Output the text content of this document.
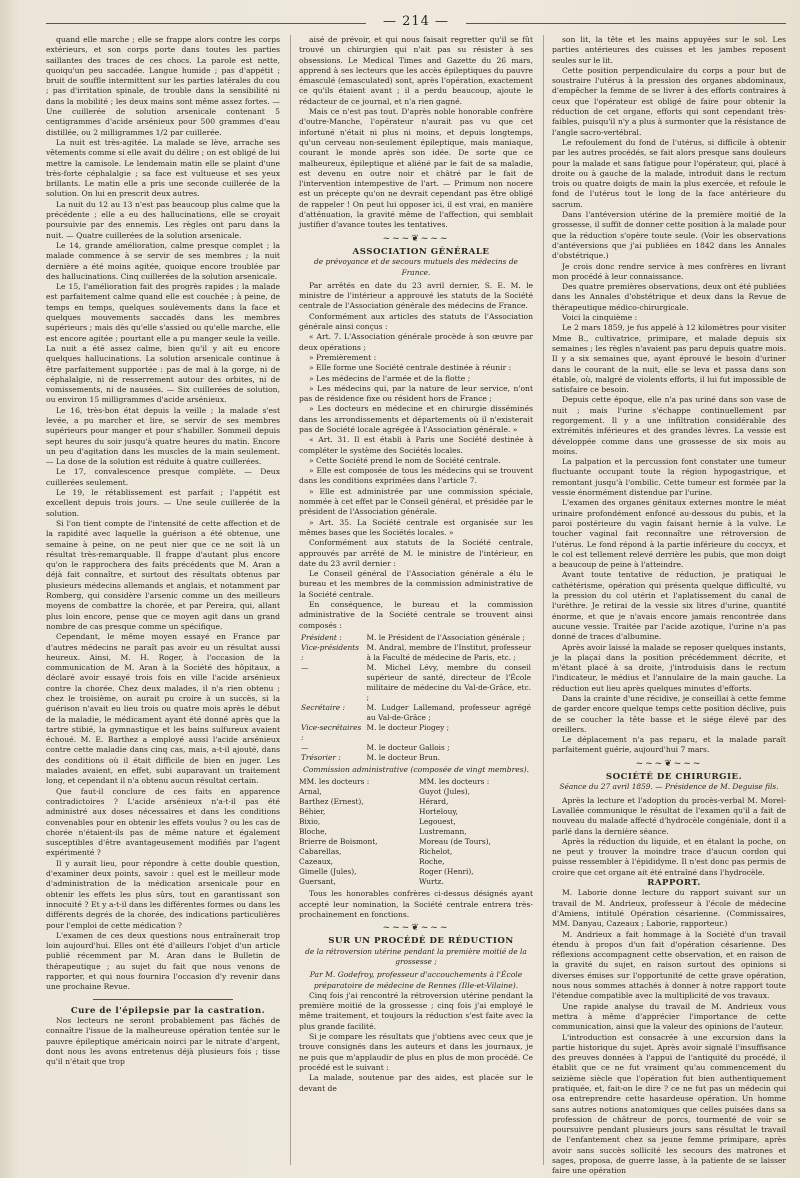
— 214 —

quand elle marche ; elle se frappe alors contre les corps extérieurs, et son corps porte dans toutes les parties saillantes des traces de ces chocs. La parole est nette, quoiqu'un peu saccadée. Langue humide ; pas d'appétit ; bruit de souffle intermittent sur les parties latérales du cou ; pas d'irritation spinale, de trouble dans la sensibilité ni dans la mobilité ; les deux mains sont même assez fortes. — Une cuillerée de solution arsenicale contenant 5 centigrammes d'acide arsénieux pour 500 grammes d'eau distillée, ou 2 milligrammes 1/2 par cuillerée.

La nuit est très-agitée. La malade se lève, arrache ses vêtements comme si elle avait du délire ; on est obligé de lui mettre la camisole. Le lendemain matin elle se plaint d'une très-forte céphalalgie ; sa face est vultueuse et ses yeux brillants. Le matin elle a pris une seconde cuillerée de la solution. On lui en prescrit deux autres.

La nuit du 12 au 13 n'est pas beaucoup plus calme que la précédente ; elle a eu des hallucinations, elle se croyait poursuivie par des ennemis. Les règles ont paru dans la nuit. — Quatre cuillerées de la solution arsenicale.

Le 14, grande amélioration, calme presque complet ; la malade commence à se servir de ses membres ; la nuit dernière a été moins agitée, quoique encore troublée par des hallucinations. Cinq cuillerées de la solution arsenicale.

Le 15, l'amélioration fait des progrès rapides ; la malade est parfaitement calme quand elle est couchée ; à peine, de temps en temps, quelques soulèvements dans la face et quelques mouvements saccadés dans les membres supérieurs ; mais dès qu'elle s'assied ou qu'elle marche, elle est encore agitée ; pourtant elle a pu manger seule la veille. La nuit a été assez calme, bien qu'il y ait eu encore quelques hallucinations. La solution arsenicale continue à être parfaitement supportée : pas de mal à la gorge, ni de céphalalgie, ni de resserrement autour des orbites, ni de vomissements, ni de nausées. — Six cuillerées de solution, ou environ 15 milligrammes d'acide arsénieux.

Le 16, très-bon état depuis la veille ; la malade s'est levée, a pu marcher et lire, se servir de ses membres supérieurs pour manger et pour s'habiller. Sommeil depuis sept heures du soir jusqu'à quatre heures du matin. Encore un peu d'agitation dans les muscles de la main seulement. — La dose de la solution est réduite à quatre cuillerées.

Le 17, convalescence presque complète. — Deux cuillerées seulement.

Le 19, le rétablissement est parfait ; l'appétit est excellent depuis trois jours. — Une seule cuillerée de la solution.

Si l'on tient compte de l'intensité de cette affection et de la rapidité avec laquelle la guérison a été obtenue, une semaine à peine, on ne peut nier que ce ne soit là un résultat très-remarquable. Il frappe d'autant plus encore qu'on le rapprochera des faits précédents que M. Aran a déjà fait connaître, et surtout des résultats obtenus par plusieurs médecins allemands et anglais, et notamment par Romberg, qui considère l'arsenic comme un des meilleurs moyens de combattre la chorée, et par Pereira, qui, allant plus loin encore, pense que ce moyen agit dans un grand nombre de cas presque comme un spécifique.

Cependant, le même moyen essayé en France par d'autres médecins ne paraît pas avoir eu un résultat aussi heureux. Ainsi, M. H. Roger, à l'occasion de la communication de M. Aran à la Société des hôpitaux, a déclaré avoir essayé trois fois en ville l'acide arsénieux contre la chorée. Chez deux malades, il n'a rien obtenu ; chez le troisième, on aurait pu croire à un succès, si la guérison n'avait eu lieu trois ou quatre mois après le début de la maladie, le médicament ayant été donné après que la tartre stibié, la gymnastique et les bains sulfureux avaient échoué. M. E. Barthez a employé aussi l'acide arsénieux contre cette maladie dans cinq cas, mais, a-t-il ajouté, dans des conditions où il était difficile de bien en juger. Les malades avaient, en effet, subi auparavant un traitement long, et cependant il n'a obtenu aucun résultat certain.

Que faut-il conclure de ces faits en apparence contradictoires ? L'acide arsénieux n'a-t-il pas été administré aux doses nécessaires et dans les conditions convenables pour en obtenir les effets voulus ? ou les cas de chorée n'étaient-ils pas de même nature et également susceptibles d'être avantageusement modifiés par l'agent expérimenté ?

Il y aurait lieu, pour répondre à cette double question, d'examiner deux points, savoir : quel est le meilleur mode d'administration de la médication arsenicale pour en obtenir les effets les plus sûrs, tout en garantissant son innocuité ? Et y a-t-il dans les différentes formes ou dans les différents degrés de la chorée, des indications particulières pour l'emploi de cette médication ?

L'examen de ces deux questions nous entraînerait trop loin aujourd'hui. Elles ont été d'ailleurs l'objet d'un article publié récemment par M. Aran dans le Bulletin de thérapeutique ; au sujet du fait que nous venons de rapporter, et qui nous fournira l'occasion d'y revenir dans une prochaine Revue.

Cure de l'épilepsie par la castration.

Nos lecteurs ne seront probablement pas fâchés de connaître l'issue de la malheureuse opération tentée sur le pauvre épileptique américain noirci par le nitrate d'argent, dont nous les avons entretenus déjà plusieurs fois ; tisse qu'il n'était que trop

aisé de prévoir, et qui nous faisait regretter qu'il se fût trouvé un chirurgien qui n'ait pas su résister à ses obsessions. Le Medical Times and Gazette du 26 mars, apprend à ses lecteurs que les accès épileptiques du pauvre émasculé (emasculated) sont, après l'opération, exactement ce qu'ils étaient avant ; il a perdu beaucoup, ajoute le rédacteur de ce journal, et n'a rien gagné.

Mais ce n'est pas tout. D'après noble honorable confrère d'outre-Manche, l'opérateur n'aurait pas vu que cet infortuné n'était ni plus ni moins, et depuis longtemps, qu'un cerveau non-seulement épileptique, mais maniaque, courant le monde après son idée. De sorte que ce malheureux, épileptique et aliéné par le fait de sa maladie, est devenu en outre noir et châtré par le fait de l'intervention intempestive de l'art. — Primum non nocere est un précepte qu'on ne devrait cependant pas être obligé de rappeler ! On peut lui opposer ici, il est vrai, en manière d'atténuation, la gravité même de l'affection, qui semblait justifier d'avance toutes les tentatives.

~~~❦~~~

ASSOCIATION GÉNÉRALE

de prévoyance et de secours mutuels des médecins de France.

Par arrêtés en date du 23 avril dernier, S. E. M. le ministre de l'intérieur a approuvé les statuts de la Société centrale de l'Association générale des médecins de France.

Conformément aux articles des statuts de l'Association générale ainsi conçus :

« Art. 7. L'Association générale procède à son œuvre par deux opérations ;

» Premièrement :

» Elle forme une Société centrale destinée à réunir :

» Les médecins de l'armée et de la flotte ;

» Les médecins qui, par la nature de leur service, n'ont pas de résidence fixe ou résident hors de France ;

» Les docteurs en médecine et en chirurgie disséminés dans les arrondissements et départements où il n'existerait pas de Société locale agrégée à l'Association générale. »

« Art. 31. Il est établi à Paris une Société destinée à compléter le système des Sociétés locales.

» Cette Société prend le nom de Société centrale.

» Elle est composée de tous les médecins qui se trouvent dans les conditions exprimées dans l'article 7.

» Elle est administrée par une commission spéciale, nommée à cet effet par le Conseil général, et présidée par le président de l'Association générale.

» Art. 35. La Société centrale est organisée sur les mêmes bases que les Sociétés locales. »

Conformément aux statuts de la Société centrale, approuvés par arrêté de M. le ministre de l'intérieur, en date du 23 avril dernier :

Le Conseil général de l'Association générale a élu le bureau et les membres de la commission administrative de la Société centrale.

En conséquence, le bureau et la commission administrative de la Société centrale se trouvent ainsi composés :

Président :	M. le Président de l'Association générale ;
Vice-présidents :	M. Andral, membre de l'Institut, professeur à la Faculté de médecine de Paris, etc. ;
—	M. Michel Lévy, membre du conseil supérieur de santé, directeur de l'École militaire de médecine du Val-de-Grâce, etc. ;
Secrétaire :	M. Ludger Lallemand, professeur agrégé au Val-de-Grâce ;
Vice-secrétaires :	M. le docteur Piogey ;
—	M. le docteur Gallois ;
Trésorier :	M. le docteur Brun.

Commission administrative (composée de vingt membres).

MM. les docteurs :
Arnal,
Barthez (Ernest),
Béhier,
Bixio,
Bloche,
Brierre de Boismont,
Cabarellas,
Cazeaux,
Gimelle (Jules),
Guersant,
MM. les docteurs :
Guyot (Jules),
Hérard,
Hortelouy,
Legouest,
Lustremann,
Moreau (de Tours),
Richelot,
Roche,
Roger (Henri),
Wurtz.

Tous les honorables confrères ci-dessus désignés ayant accepté leur nomination, la Société centrale entrera très-prochainement en fonctions.

~~~❦~~~

SUR UN PROCÉDÉ DE RÉDUCTION

de la rétroversion utérine pendant la première moitié de la grossesse ;

Par M. Godefroy, professeur d'accouchements à l'École préparatoire de médecine de Rennes (Ille-et-Vilaine).

Cinq fois j'ai rencontré la rétroversion utérine pendant la première moitié de la grossesse ; cinq fois j'ai employé le même traitement, et toujours la réduction s'est faite avec la plus grande facilité.

Si je compare les résultats que j'obtiens avec ceux que je trouve consignés dans les auteurs et dans les journaux, je ne puis que m'applaudir de plus en plus de mon procédé. Ce procédé est le suivant :

La malade, soutenue par des aides, est placée sur le devant de

son lit, la tête et les mains appuyées sur le sol. Les parties antérieures des cuisses et les jambes reposent seules sur le lit.

Cette position perpendiculaire du corps a pour but de soustraire l'utérus à la pression des organes abdominaux, d'empêcher la femme de se livrer à des efforts contraires à ceux que l'opérateur est obligé de faire pour obtenir la réduction de cet organe, efforts qui sont cependant très-faibles, puisqu'il n'y a plus à surmonter que la résistance de l'angle sacro-vertébral.

Le refoulement du fond de l'utérus, si difficile à obtenir par les autres procédés, se fait alors presque sans douleurs pour la malade et sans fatigue pour l'opérateur, qui, placé à droite ou à gauche de la malade, introduit dans le rectum trois ou quatre doigts de main la plus exercée, et refoule le fond de l'utérus tout le long de la face antérieure du sacrum.

Dans l'antéversion utérine de la première moitié de la grossesse, il suffit de donner cette position à la malade pour que la réduction s'opère toute seule. (Voir les observations d'antéversions que j'ai publiées en 1842 dans les Annales d'obstétrique.)

Je crois donc rendre service à mes confrères en livrant mon procédé à leur connaissance.

Des quatre premières observations, deux ont été publiées dans les Annales d'obstétrique et deux dans la Revue de thérapeutique médico-chirurgicale.

Voici la cinquième :

Le 2 mars 1859, je fus appelé à 12 kilomètres pour visiter Mme B., cultivatrice, primipare, et malade depuis six semaines ; les règles n'avaient pas paru depuis quatre mois. Il y a six semaines que, ayant éprouvé le besoin d'uriner dans le courant de la nuit, elle se leva et passa dans son étable, où, malgré de violents efforts, il lui fut impossible de satisfaire ce besoin.

Depuis cette époque, elle n'a pas uriné dans son vase de nuit ; mais l'urine s'échappe continuellement par regorgement. Il y a une infiltration considérable des extrémités inférieures et des grandes lèvres. La vessie est développée comme dans une grossesse de six mois au moins.

La palpation et la percussion font constater une tumeur fluctuante occupant toute la région hypogastrique, et remontant jusqu'à l'ombilic. Cette tumeur est formée par la vessie énormément distendue par l'urine.

L'examen des organes génitaux externes montre le méat urinaire profondément enfoncé au-dessous du pubis, et la paroi postérieure du vagin faisant hernie à la vulve. Le toucher vaginal fait reconnaître une rétroversion de l'utérus. Le fond répond à la partie inférieure du coccyx, et le col est tellement relevé derrière les pubis, que mon doigt a beaucoup de peine à l'atteindre.

Avant toute tentative de réduction, je pratiquai le cathétérisme, opération qui présenta quelque difficulté, vu la pression du col utérin et l'aplatissement du canal de l'urèthre. Je retirai de la vessie six litres d'urine, quantité énorme, et que je n'avais encore jamais rencontrée dans aucune vessie. Traitée par l'acide azotique, l'urine n'a pas donné de traces d'albumine.

Après avoir laissé la malade se reposer quelques instants, je la plaçai dans la position précédemment décrite, et m'étant placé à sa droite, j'introduisis dans le rectum l'indicateur, le médius et l'annulaire de la main gauche. La réduction eut lieu après quelques minutes d'efforts.

Dans la crainte d'une récidive, je conseillai à cette femme de garder encore quelque temps cette position déclive, puis de se coucher la tête basse et le siége élevé par des oreillers.

Le déplacement n'a pas reparu, et la malade paraît parfaitement guérie, aujourd'hui 7 mars.

~~~❦~~~

SOCIÉTÉ DE CHIRURGIE.

Séance du 27 avril 1859. — Présidence de M. Deguise fils.

Après la lecture et l'adoption du procès-verbal M. Morel-Lavallée communique le résultat de l'examen qu'il a fait de nouveau du malade affecté d'hydrocèle congéniale, dont il a parlé dans la dernière séance.

Après la réduction du liquide, et en étalant la poche, on ne peut y trouver la moindre trace d'aucun cordon qui puisse ressembler à l'épididyme. Il n'est donc pas permis de croire que cet organe ait été entraîné dans l'hydrocèle.

RAPPORT.

M. Laborie donne lecture du rapport suivant sur un travail de M. Andrieux, professeur à l'école de médecine d'Amiens, intitulé Opération césarienne. (Commissaires, MM. Danyau, Cazeaux ; Laborie, rapporteur.)

M. Andrieux a fait hommage à la Société d'un travail étendu à propos d'un fait d'opération césarienne. Des réflexions accompagnent cette observation, et en raison de la gravité du sujet, en raison surtout des opinions si diverses émises sur l'opportunité de cette grave opération, nous nous sommes attachés à donner à notre rapport toute l'étendue compatible avec la multiplicité de vos travaux.

Une rapide analyse du travail de M. Andrieux vous mettra à même d'apprécier l'importance de cette communication, ainsi que la valeur des opinions de l'auteur.

L'introduction est consacrée à une excursion dans la partie historique du sujet. Après avoir signalé l'insuffisance des preuves données à l'appui de l'antiquité du procédé, il établit que ce ne fut vraiment qu'au commencement du seizième siècle que l'opération fut bien authentiquement pratiquée, et, fait-on le dire ? ce ne fut pas un médecin qui osa entreprendre cette hasardeuse opération. Un homme sans autres notions anatomiques que celles puisées dans sa profession de châtreur de porcs, tourmenté de voir se poursuivre pendant plusieurs jours sans résultat le travail de l'enfantement chez sa jeune femme primipare, après avoir sans succès sollicité les secours des matrones et sages, proposa, de guerre lasse, à la patiente de se laisser faire une opération
